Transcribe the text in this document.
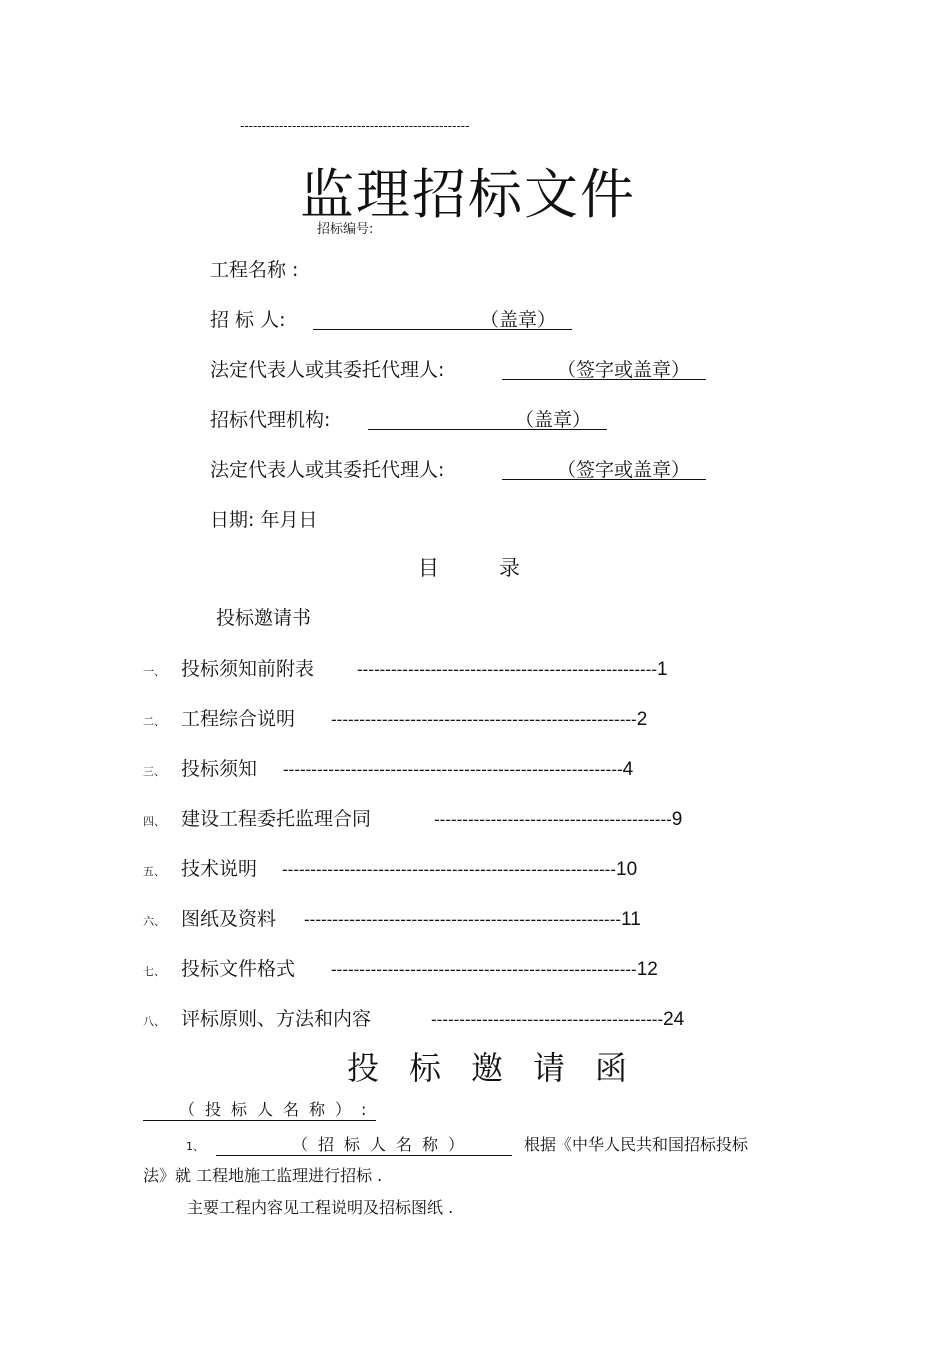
-----------------------------------------------------
监理招标文件
招标编号:
工程名称 :
招 标 人:	（盖章）
法定代表人或其委托代理人:	（签字或盖章）
招标代理机构:	（盖章）
法定代表人或其委托代理人:	（签字或盖章）
日期: 年月日
目录
投标邀请书
一、 投标须知前附表	----------------------------------------------------- 1
二、 工程综合说明	------------------------------------------------------ 2
三、 投标须知	------------------------------------------------------------ 4
四、 建设工程委托监理合同	------------------------------------------ 9
五、 技术说明	----------------------------------------------------------- 10
六、 图纸及资料	-------------------------------------------------------- 11
七、 投标文件格式	------------------------------------------------------ 12
八、 评标原则、方法和内容	----------------------------------------- 24
投标邀请函
（投标人名称）:
1、	（招标人名称）	根据《中华人民共和国招标投标
法》就 工程地施工监理进行招标 .
主要工程内容见工程说明及招标图纸 .
